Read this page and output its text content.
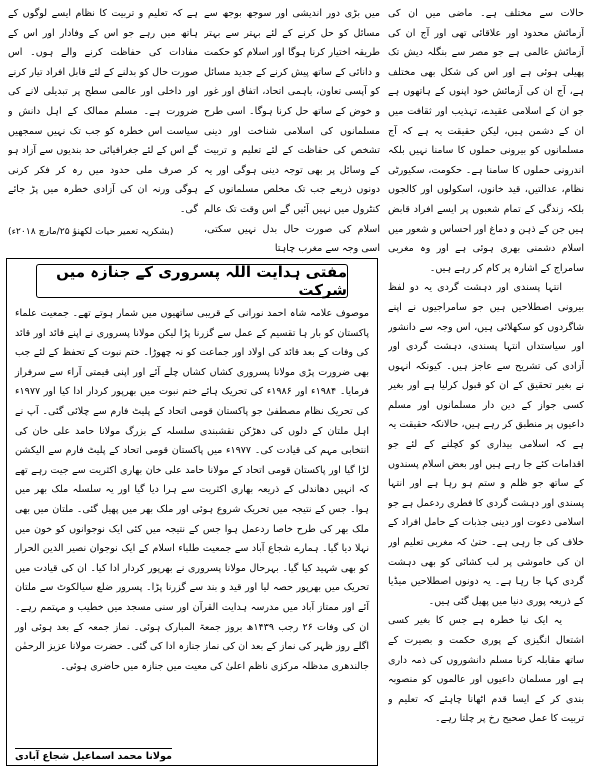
حالات سے مختلف ہے۔ ماضی میں ان کی آزمائش محدود اور علاقائی تھی اور آج ان کی آزمائش عالمی ہے جو مصر سے بنگلہ دیش تک پھیلی ہوئی ہے اور اس کی شکل بھی مختلف ہے، آج ان کی آزمائش خود اپنوں کے ہاتھوں ہے جو ان کے اسلامی عقیدے، تہذیب اور ثقافت میں ان کے دشمن ہیں، لیکن حقیقت یہ ہے کہ آج مسلمانوں کو بیرونی حملوں کا سامنا نہیں بلکہ اندرونی حملوں کا سامنا ہے۔ حکومت، سکیورٹی نظام، عدالتیں، قید خانوں، اسکولوں اور کالجوں بلکہ زندگی کے تمام شعبوں پر ایسے افراد قابض ہیں جن کے ذہن و دماغ اور احساس و شعور میں اسلام دشمنی بھری ہوئی ہے اور وہ مغربی سامراج کے اشارہ پر کام کر رہے ہیں۔

انتہا پسندی اور دہشت گردی یہ دو لفظ بیرونی اصطلاحیں ہیں جو سامراجیوں نے اپنے شاگردوں کو سکھلائی ہیں، اس وجہ سے دانشور اور سیاستداں انتہا پسندی، دہشت گردی اور آزادی کی تشریح سے عاجز ہیں۔ کیونکہ انہوں نے بغیر تحقیق کے ان کو قبول کرلیا ہے اور بغیر کسی جواز کے دین دار مسلمانوں اور مسلم داعیوں پر منطبق کر رہے ہیں، حالانکہ حقیقت یہ ہے کہ اسلامی بیداری کو کچلنے کے لئے جو اقدامات کئے جا رہے ہیں اور بعض اسلام پسندوں کے ساتھ جو ظلم و ستم ہو رہا ہے اور انتہا پسندی اور دہشت گردی کا فطری ردعمل ہے جو اسلامی دعوت اور دینی جذبات کے حامل افراد کے خلاف کی جا رہی ہے۔ حتیٰ کہ مغربی تعلیم اور ان کی خاموشی پر لب کشائی کو بھی دہشت گردی کہا جا رہا ہے۔ یہ دونوں اصطلاحیں میڈیا کے ذریعہ پوری دنیا میں پھیل گئی ہیں۔

یہ ایک نیا خطرہ ہے جس کا بغیر کسی اشتعال انگیزی کے پوری حکمت و بصیرت کے ساتھ مقابلہ کرنا مسلم دانشوروں کی ذمہ داری ہے اور مسلمان داعیوں اور عالموں کو منصوبہ بندی کر کے ایسا قدم اٹھانا چاہئے کہ تعلیم و تربیت کا عمل صحیح رخ پر چلتا رہے۔

میں بڑی دور اندیشی اور سوجھ بوجھ سے مسائل کو حل کرنے کے لئے بہتر سے بہتر طریقہ اختیار کرنا ہوگا اور اسلام کو حکمت و دانائی کے ساتھ پیش کرنے کے جدید مسائل کو آپسی تعاون، باہمی اتحاد، اتفاق اور غور و خوض کے ساتھ حل کرنا ہوگا۔ اسی طرح مسلمانوں کی اسلامی شناخت اور دینی تشخص کی حفاظت کے لئے تعلیم و تربیت کے وسائل پر بھی توجہ دینی ہوگی اور یہ دونوں ذریعے جب تک مخلص مسلمانوں کے کنٹرول میں نہیں آئیں گے اس وقت تک عالم اسلام کی صورت حال بدل نہیں سکتی، اسی وجہ سے مغرب چاہتا

ہے کہ تعلیم و تربیت کا نظام ایسے لوگوں کے ہاتھ میں رہے جو اس کے وفادار اور اس کے مفادات کی حفاظت کرنے والے ہوں۔ اس صورت حال کو بدلنے کے لئے قابل افراد تیار کرنے اور داخلی اور عالمی سطح پر تبدیلی لانے کی ضرورت ہے۔ مسلم ممالک کے اہل دانش و سیاست اس خطرہ کو جب تک نہیں سمجھیں گے اس کے لئے جغرافیائی حد بندیوں سے آزاد ہو کر صرف ملی حدود میں رہ کر فکر کرنی ہوگی ورنہ ان کی آزادی خطرہ میں پڑ جائے گی۔

(بشکریہ تعمیر حیات لکھنؤ ۲۵/مارچ ۲۰۱۸ء)
مفتی ہدایت اللہ پسروری کے جنازہ میں شرکت

موصوف علامہ شاہ احمد نورانی کے قریبی ساتھیوں میں شمار ہوتے تھے۔ جمعیت علماء پاکستان کو بار ہا تقسیم کے عمل سے گزرنا پڑا لیکن مولانا پسروری نے اپنے قائد اور قائد کی وفات کے بعد قائد کی اولاد اور جماعت کو نہ چھوڑا۔ ختم نبوت کے تحفظ کے لئے جب بھی ضرورت پڑی مولانا پسروری کشاں کشاں چلے آئے اور اپنی قیمتی آراء سے سرفراز فرمایا۔ ۱۹۸۴ء اور ۱۹۸۶ء کی تحریک ہائے ختم نبوت میں بھرپور کردار ادا کیا اور ۱۹۷۷ء کی تحریک نظام مصطفیٰ جو پاکستان قومی اتحاد کے پلیٹ فارم سے چلائی گئی۔ آپ نے اہل ملتان کے دلوں کی دھڑکن نقشبندی سلسلہ کے بزرگ مولانا حامد علی خان کی انتخابی مہم کی قیادت کی۔ ۱۹۷۷ء میں پاکستان قومی اتحاد کے پلیٹ فارم سے الیکشن لڑا گیا اور پاکستان قومی اتحاد کے مولانا حامد علی خان بھاری اکثریت سے جیت رہے تھے کہ انہیں دھاندلی کے ذریعہ بھاری اکثریت سے ہرا دیا گیا اور یہ سلسلہ ملک بھر میں ہوا۔ جس کے نتیجہ میں تحریک شروع ہوئی اور ملک بھر میں پھیل گئی۔ ملتان میں بھی ملک بھر کی طرح خاصا ردعمل ہوا جس کے نتیجہ میں کئی ایک نوجوانوں کو خون میں نہلا دیا گیا۔ ہمارے شجاع آباد سے جمعیت طلباء اسلام کے ایک نوجوان نصیر الدین الحرار کو بھی شہید کیا گیا۔ بہرحال مولانا پسروری نے بھرپور کردار ادا کیا۔ ان کی قیادت میں تحریک میں بھرپور حصہ لیا اور قید و بند سے گزرنا پڑا۔ پسرور ضلع سیالکوٹ سے ملتان آئے اور ممتاز آباد میں مدرسہ ہدایت القرآن اور سنی مسجد میں خطیب و مہتمم رہے۔ ان کی وفات ۲۶ رجب ۱۴۳۹ھ بروز جمعۃ المبارک ہوئی۔ نماز جمعہ کے بعد ہوئی اور اگلے روز ظہر کی نماز کے بعد ان کی نماز جنازہ ادا کی گئی۔ حضرت مولانا عزیز الرحمٰن جالندھری مدظلہ مرکزی ناظم اعلیٰ کی معیت میں جنازہ میں حاضری ہوئی۔

مولانا محمد اسماعیل شجاع آبادی
